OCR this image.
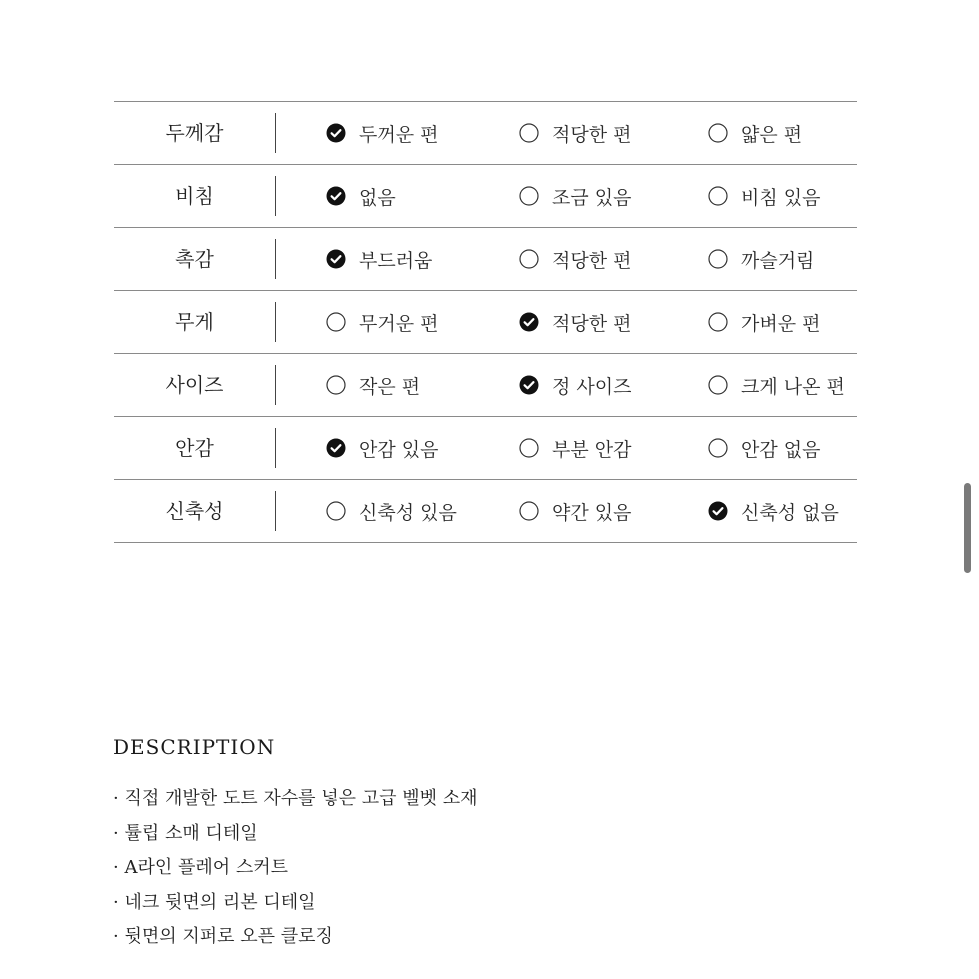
두께감	두꺼운 편	적당한 편	얇은 편
비침	없음	조금 있음	비침 있음
촉감	부드러움	적당한 편	까슬거림
무게	무거운 편	적당한 편	가벼운 편
사이즈	작은 편	정 사이즈	크게 나온 편
안감	안감 있음	부분 안감	안감 없음
신축성	신축성 있음	약간 있음	신축성 없음
DESCRIPTION
· 직접 개발한 도트 자수를 넣은 고급 벨벳 소재
· 튤립 소매 디테일
· A라인 플레어 스커트
· 네크 뒷면의 리본 디테일
· 뒷면의 지퍼로 오픈 클로징
